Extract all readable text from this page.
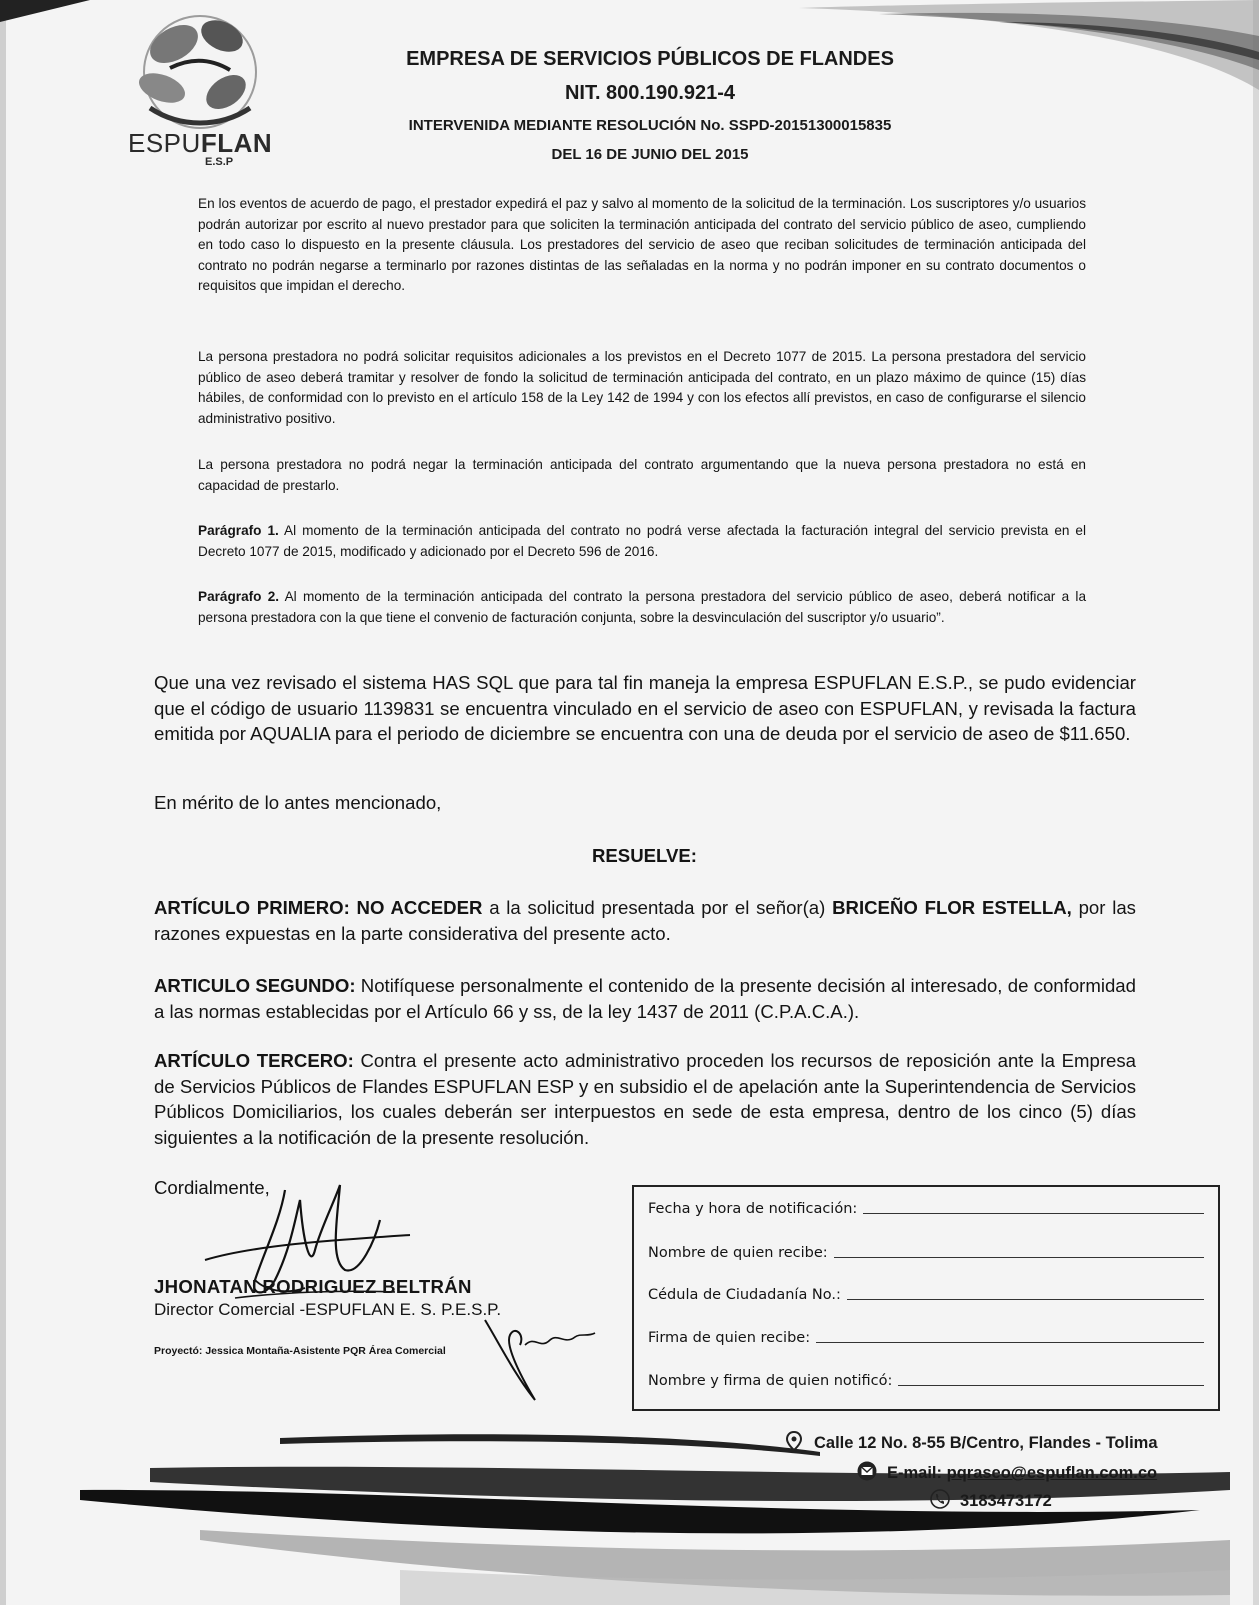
ESPUFLAN
E.S.P
EMPRESA DE SERVICIOS PÚBLICOS DE FLANDES
NIT. 800.190.921-4
INTERVENIDA MEDIANTE RESOLUCIÓN No. SSPD-20151300015835
DEL 16 DE JUNIO DEL 2015
En los eventos de acuerdo de pago, el prestador expedirá el paz y salvo al momento de la solicitud de la terminación. Los suscriptores y/o usuarios podrán autorizar por escrito al nuevo prestador para que soliciten la terminación anticipada del contrato del servicio público de aseo, cumpliendo en todo caso lo dispuesto en la presente cláusula. Los prestadores del servicio de aseo que reciban solicitudes de terminación anticipada del contrato no podrán negarse a terminarlo por razones distintas de las señaladas en la norma y no podrán imponer en su contrato documentos o requisitos que impidan el derecho.
La persona prestadora no podrá solicitar requisitos adicionales a los previstos en el Decreto 1077 de 2015. La persona prestadora del servicio público de aseo deberá tramitar y resolver de fondo la solicitud de terminación anticipada del contrato, en un plazo máximo de quince (15) días hábiles, de conformidad con lo previsto en el artículo 158 de la Ley 142 de 1994 y con los efectos allí previstos, en caso de configurarse el silencio administrativo positivo.
La persona prestadora no podrá negar la terminación anticipada del contrato argumentando que la nueva persona prestadora no está en capacidad de prestarlo.
Parágrafo 1. Al momento de la terminación anticipada del contrato no podrá verse afectada la facturación integral del servicio prevista en el Decreto 1077 de 2015, modificado y adicionado por el Decreto 596 de 2016.
Parágrafo 2. Al momento de la terminación anticipada del contrato la persona prestadora del servicio público de aseo, deberá notificar a la persona prestadora con la que tiene el convenio de facturación conjunta, sobre la desvinculación del suscriptor y/o usuario”.
Que una vez revisado el sistema HAS SQL que para tal fin maneja la empresa ESPUFLAN E.S.P., se pudo evidenciar que el código de usuario 1139831 se encuentra vinculado en el servicio de aseo con ESPUFLAN, y revisada la factura emitida por AQUALIA para el periodo de diciembre se encuentra con una de deuda por el servicio de aseo de $11.650.
En mérito de lo antes mencionado,
RESUELVE:
ARTÍCULO PRIMERO: NO ACCEDER a la solicitud presentada por el señor(a) BRICEÑO FLOR ESTELLA, por las razones expuestas en la parte considerativa del presente acto.
ARTICULO SEGUNDO: Notifíquese personalmente el contenido de la presente decisión al interesado, de conformidad a las normas establecidas por el Artículo 66 y ss, de la ley 1437 de 2011 (C.P.A.C.A.).
ARTÍCULO TERCERO: Contra el presente acto administrativo proceden los recursos de reposición ante la Empresa de Servicios Públicos de Flandes ESPUFLAN ESP y en subsidio el de apelación ante la Superintendencia de Servicios Públicos Domiciliarios, los cuales deberán ser interpuestos en sede de esta empresa, dentro de los cinco (5) días siguientes a la notificación de la presente resolución.
Cordialmente,
JHONATAN RODRIGUEZ BELTRÁN
Director Comercial -ESPUFLAN E. S. P.E.S.P.
Proyectó: Jessica Montaña-Asistente PQR Área Comercial
Fecha y hora de notificación:
Nombre de quien recibe:
Cédula de Ciudadanía No.:
Firma de quien recibe:
Nombre y firma de quien notificó:
Calle 12 No. 8-55 B/Centro, Flandes - Tolima
E-mail: pqraseo@espuflan.com.co
3183473172
